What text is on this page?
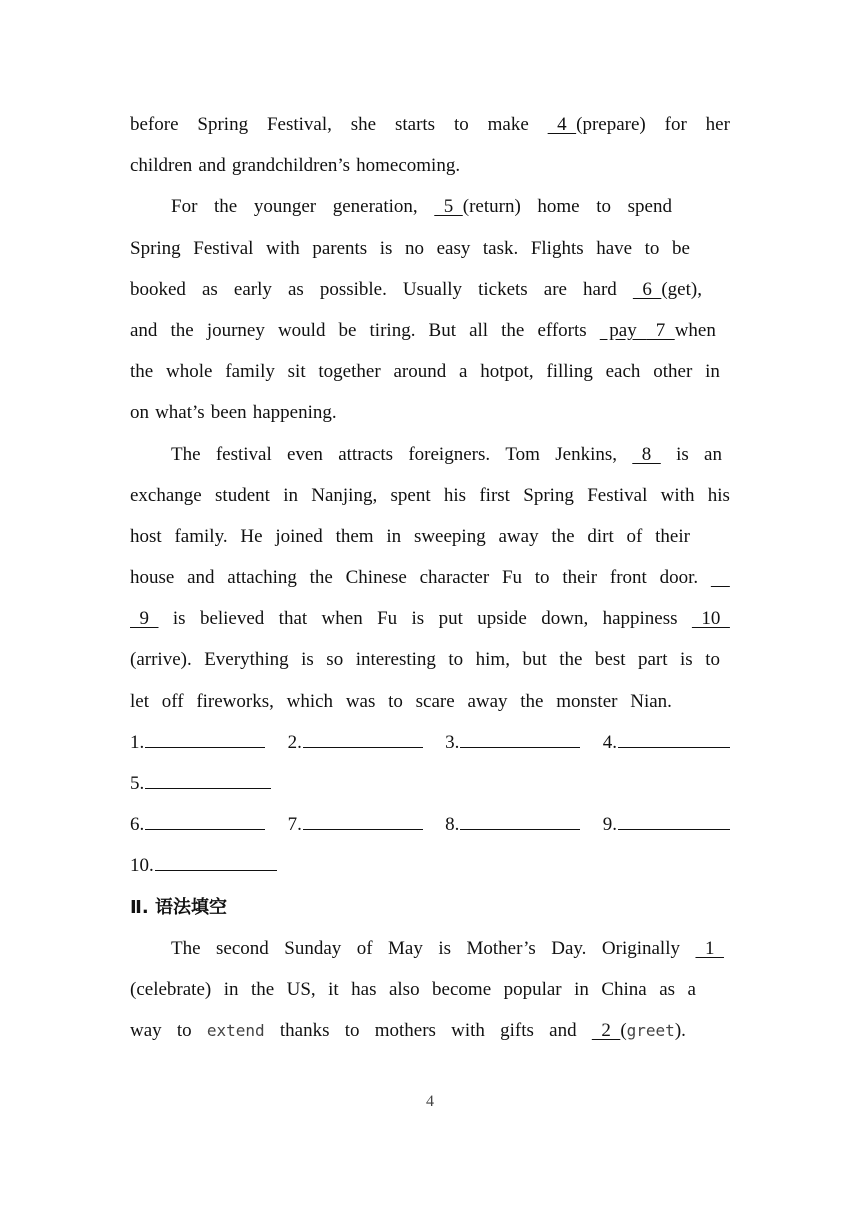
before Spring Festival, she starts to make 4  (prepare) for her
children and grandchildren’s homecoming.
For the younger generation, 5  (return) home to spend
Spring Festival with parents is no easy task. Flights have to be
booked as early as possible. Usually tickets are hard 6  (get),
and the journey would be tiring. But all the efforts pay    7  when
the whole family sit together around a hotpot, filling each other in
on what’s been happening.
The festival even attracts foreigners. Tom Jenkins, 8 is an
exchange student in Nanjing, spent his first Spring Festival with his
host family. He joined them in sweeping away the dirt of their
house and attaching the Chinese character Fu to their front door.

9 is believed that when Fu is put upside down, happiness 10
(arrive). Everything is so interesting to him, but the best part is to
let off fireworks, which was to scare away the monster Nian.
1.	2.	3.	4.
5.
6.	7.	8.	9.
10.
Ⅱ. 语法填空
The second Sunday of May is Mother’s Day. Originally 1
(celebrate) in the US, it has also become popular in China as a
way to extend thanks to mothers with gifts and 2  (greet).
4
